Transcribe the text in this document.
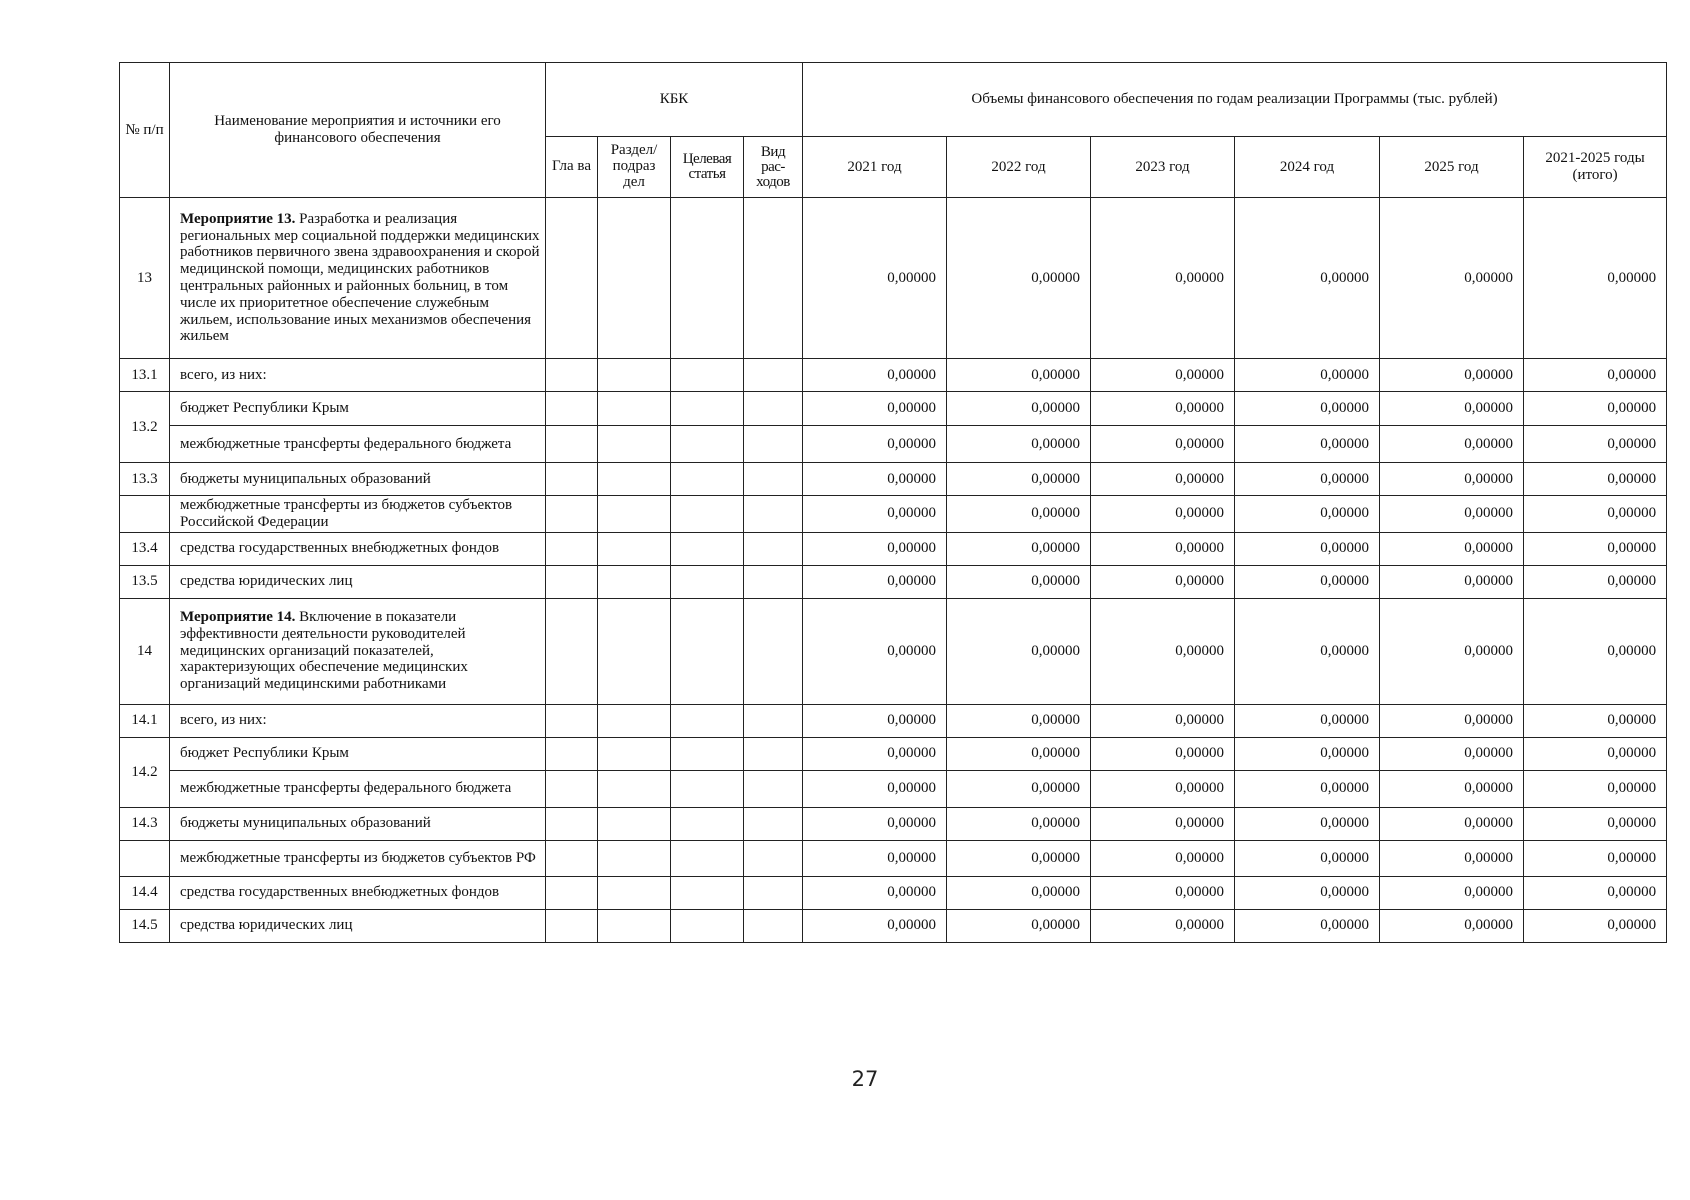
№ п/п	Наименование мероприятия и источники его финансового обеспечения	КБК				Объемы финансового обеспечения по годам реализации Программы (тыс. рублей)					
		Гла ва	Раздел/ подраз дел	Целевая статья	Вид рас-ходов	2021 год	2022 год	2023 год	2024 год	2025 год	2021-2025 годы (итого)
13	Мероприятие 13. Разработка и реализация региональных мер социальной поддержки медицинских работников первичного звена здравоохранения и скорой медицинской помощи, медицинских работников центральных районных и районных больниц, в том числе их приоритетное обеспечение служебным жильем, использование иных механизмов обеспечения жильем					0,00000	0,00000	0,00000	0,00000	0,00000	0,00000
13.1	всего, из них:					0,00000	0,00000	0,00000	0,00000	0,00000	0,00000
13.2	бюджет Республики Крым					0,00000	0,00000	0,00000	0,00000	0,00000	0,00000
	межбюджетные трансферты федерального бюджета					0,00000	0,00000	0,00000	0,00000	0,00000	0,00000
13.3	бюджеты муниципальных образований					0,00000	0,00000	0,00000	0,00000	0,00000	0,00000
	межбюджетные трансферты из бюджетов субъектов Российской Федерации					0,00000	0,00000	0,00000	0,00000	0,00000	0,00000
13.4	средства государственных внебюджетных фондов					0,00000	0,00000	0,00000	0,00000	0,00000	0,00000
13.5	средства юридических лиц					0,00000	0,00000	0,00000	0,00000	0,00000	0,00000
14	Мероприятие 14. Включение в показатели эффективности деятельности руководителей медицинских организаций показателей, характеризующих обеспечение медицинских организаций медицинскими работниками					0,00000	0,00000	0,00000	0,00000	0,00000	0,00000
14.1	всего, из них:					0,00000	0,00000	0,00000	0,00000	0,00000	0,00000
14.2	бюджет Республики Крым					0,00000	0,00000	0,00000	0,00000	0,00000	0,00000
	межбюджетные трансферты федерального бюджета					0,00000	0,00000	0,00000	0,00000	0,00000	0,00000
14.3	бюджеты муниципальных образований					0,00000	0,00000	0,00000	0,00000	0,00000	0,00000
	межбюджетные трансферты из бюджетов субъектов РФ					0,00000	0,00000	0,00000	0,00000	0,00000	0,00000
14.4	средства государственных внебюджетных фондов					0,00000	0,00000	0,00000	0,00000	0,00000	0,00000
14.5	средства юридических лиц					0,00000	0,00000	0,00000	0,00000	0,00000	0,00000
27
